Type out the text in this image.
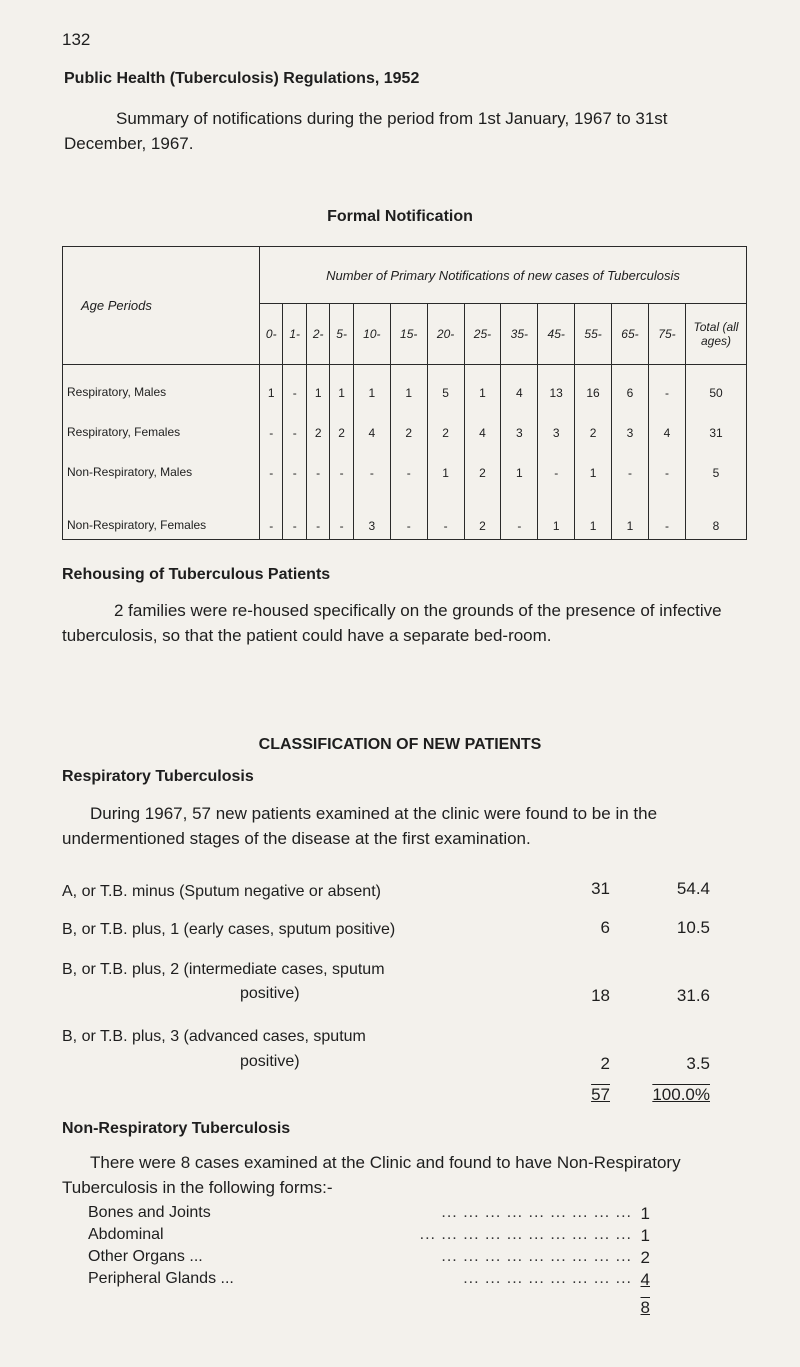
132
Public Health (Tuberculosis) Regulations, 1952
Summary of notifications during the period from 1st January, 1967 to 31st December, 1967.
Formal Notification
Age Periods	Number of Primary Notifications of new cases of Tuberculosis													
	0-	1-	2-	5-	10-	15-	20-	25-	35-	45-	55-	65-	75-	Total (all ages)
Respiratory, Males	1	-	1	1	1	1	5	1	4	13	16	6	-	50
Respiratory, Females	-	-	2	2	4	2	2	4	3	3	2	3	4	31
Non-Respiratory, Males	-	-	-	-	-	-	1	2	1	-	1	-	-	5
Non-Respiratory, Females	-	-	-	-	3	-	-	2	-	1	1	1	-	8
Rehousing of Tuberculous Patients
2 families were re-housed specifically on the grounds of the presence of infective tuberculosis, so that the patient could have a separate bed-room.
CLASSIFICATION OF NEW PATIENTS
Respiratory Tuberculosis
During 1967, 57 new patients examined at the clinic were found to be in the undermentioned stages of the disease at the first examination.
A, or T.B. minus (Sputum negative or absent)	31	54.4
B, or T.B. plus, 1 (early cases, sputum positive)	6	10.5
B, or T.B. plus, 2 (intermediate cases, sputum
positive)	18	31.6
B, or T.B. plus, 3 (advanced cases, sputum
positive)	2	3.5
57	100.0%
Non-Respiratory Tuberculosis
There were 8 cases examined at the Clinic and found to have Non-Respiratory Tuberculosis in the following forms:-
Bones and Joints	... ... ... ... ... ... ... ... ... 1
Abdominal	... ... ... ... ... ... ... ... ... ... 1
Other Organs ...	... ... ... ... ... ... ... ... ... 2
Peripheral Glands ...	... ... ... ... ... ... ... ... 4
8
